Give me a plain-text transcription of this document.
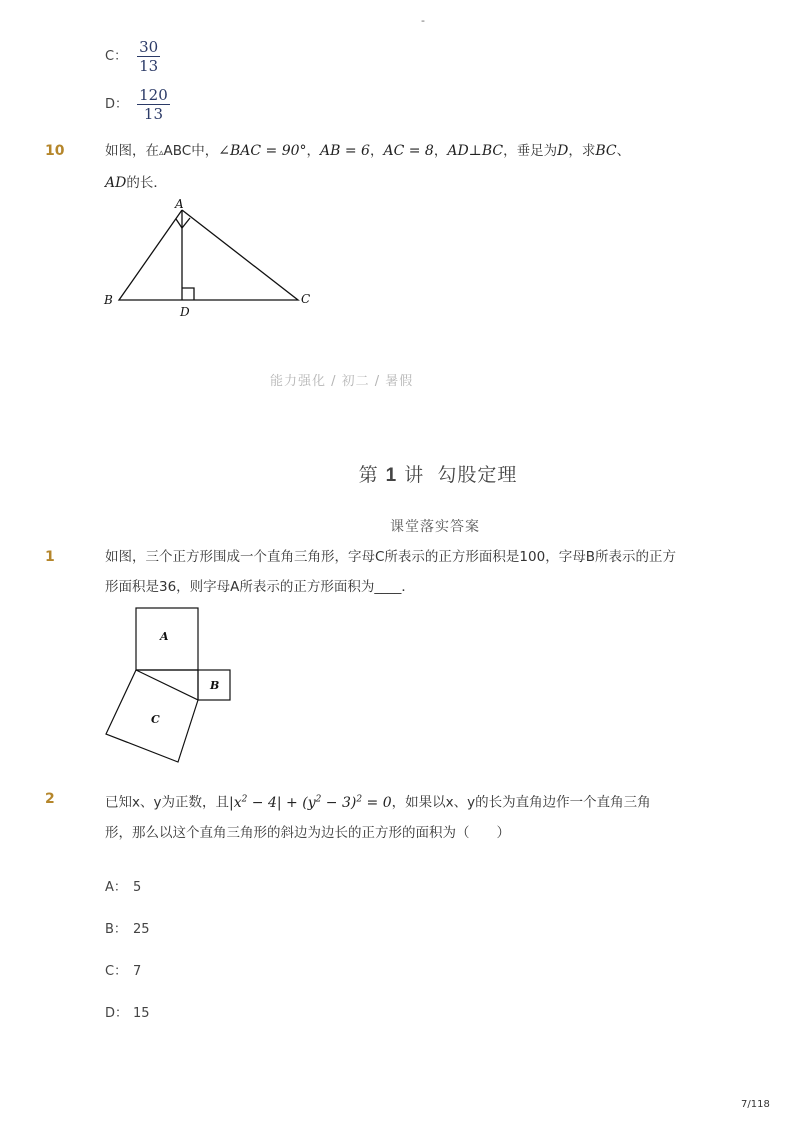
-
C： $\frac{30}{13}$
D： $\frac{120}{13}$
10	如图，在▵ABC中，∠BAC = 90°，AB = 6，AC = 8，AD⊥BC，垂足为D，求BC、
AD的长．
A
B	C
D
能力强化 / 初二 / 暑假
第 1 讲 勾股定理
课堂落实答案
1	如图，三个正方形围成一个直角三角形，字母C所表示的正方形面积是100，字母B所表示的正方
形面积是36，则字母A所表示的正方形面积为____．
A
B
C
2	已知x、y为正数，且$|x^2 - 4| + (y^2 - 3)^2 = 0$，如果以x、y的长为直角边作一个直角三角
形，那么以这个直角三角形的斜边为边长的正方形的面积为（　　）
A： 5
B： 25
C： 7
D： 15
7/118
